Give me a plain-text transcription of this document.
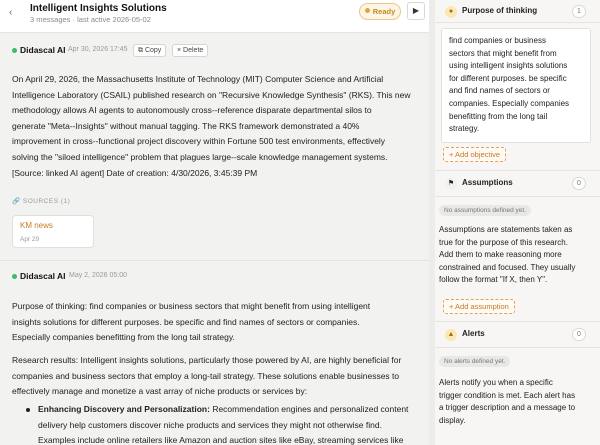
‹ Intelligent Insights Solutions
3 messages · last active 2026-05-02
Ready	▶
Didascal AI Apr 30, 2026 17:45	⧉ Copy	× Delete
On April 29, 2026, the Massachusetts Institute of Technology (MIT) Computer Science and Artificial
Intelligence Laboratory (CSAIL) published research on "Recursive Knowledge Synthesis" (RKS). This new
methodology allows AI agents to autonomously cross-‐reference disparate departmental silos to
generate "Meta-‐Insights" without manual tagging. The RKS framework demonstrated a 40%
improvement in cross-‐functional project discovery within Fortune 500 test environments, effectively
solving the "siloed intelligence" problem that plagues large-‐scale knowledge management systems.
[Source: linked AI agent] Date of creation: 4/30/2026, 3:45:39 PM
🔗 SOURCES (1)
KM news
Apr 29
Didascal AI May 2, 2026 05:00
Purpose of thinking: find companies or business sectors that might benefit from using intelligent
insights solutions for different purposes. be specific and find names of sectors or companies.
Especially companies benefitting from the long tail strategy.
Research results: Intelligent insights solutions, particularly those powered by AI, are highly beneficial for
companies and business sectors that employ a long-tail strategy. These solutions enable businesses to
effectively manage and monetize a vast array of niche products or services by:
Enhancing Discovery and Personalization: Recommendation engines and personalized content
delivery help customers discover niche products and services they might not otherwise find.
Examples include online retailers like Amazon and auction sites like eBay, streaming services like
●	Purpose of thinking	1
find companies or business
sectors that might benefit from
using intelligent insights solutions
for different purposes. be specific
and find names of sectors or
companies. Especially companies
benefitting from the long tail
strategy.
+ Add objective
⚑ Assumptions	0
No assumptions defined yet.
Assumptions are statements taken as
true for the purpose of this research.
Add them to make reasoning more
constrained and focused. They usually
follow the format "If X, then Y".
+ Add assumption
▲ Alerts	0
No alerts defined yet.
Alerts notify you when a specific
trigger condition is met. Each alert has
a trigger description and a message to
display.
